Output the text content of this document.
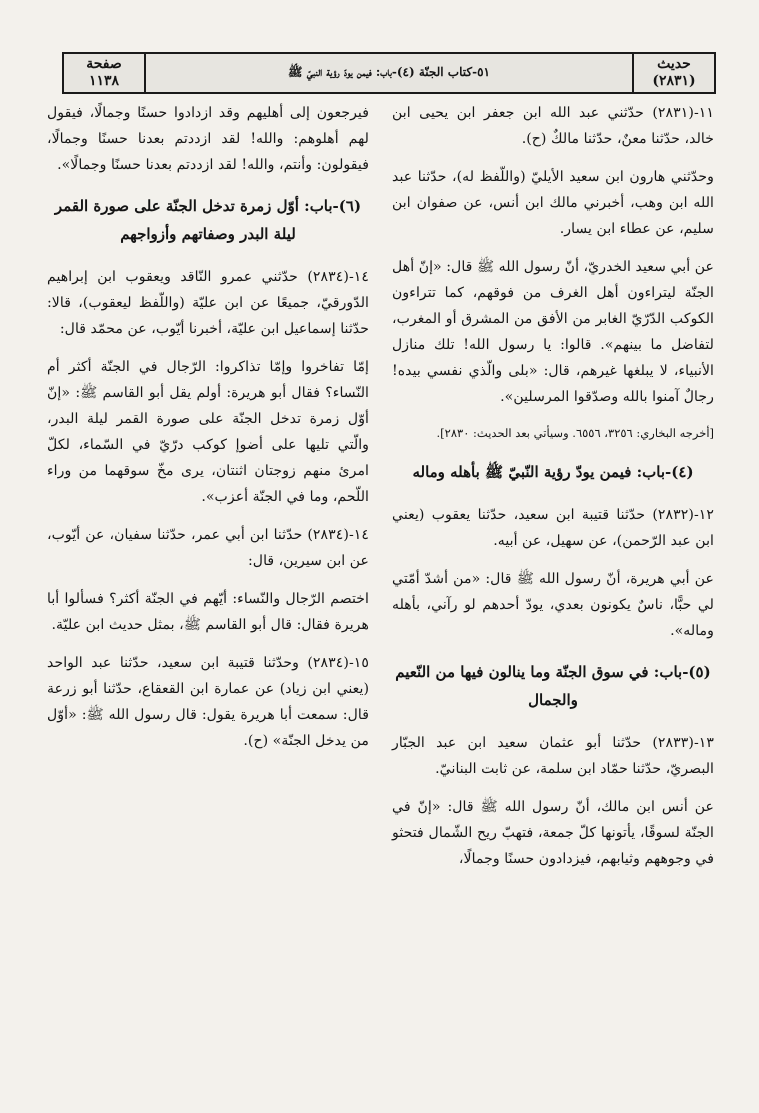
حديث
(٢٨٣١)
٥١-كتاب الجنّة (٤)-باب: فيمن يودّ رؤية النبيّ ﷺ
صفحة
١١٣٨

١١-(٢٨٣١) حدّثني عبد الله ابن جعفر ابن يحيى ابن خالد، حدّثنا معنٌ، حدّثنا مالكٌ (ح).

وحدّثني هارون ابن سعيد الأيليّ (واللّفظ له)، حدّثنا عبد الله ابن وهب، أخبرني مالك ابن أنس، عن صفوان ابن سليم، عن عطاء ابن يسار.

عن أبي سعيد الخدريّ، أنّ رسول الله ﷺ قال: «إنّ أهل الجنّة ليتراءون أهل الغرف من فوقهم، كما تتراءون الكوكب الدّرّيّ الغابر من الأفق من المشرق أو المغرب، لتفاضل ما بينهم». قالوا: يا رسول الله! تلك منازل الأنبياء، لا يبلغها غيرهم، قال: «بلى والّذي نفسي بيده! رجالٌ آمنوا بالله وصدّقوا المرسلين».

[أخرجه البخاري: ٣٢٥٦، ٦٥٥٦. وسيأتي بعد الحديث: ٢٨٣٠].

(٤)-باب: فيمن يودّ رؤية النّبيّ ﷺ بأهله وماله

١٢-(٢٨٣٢) حدّثنا قتيبة ابن سعيد، حدّثنا يعقوب (يعني ابن عبد الرّحمن)، عن سهيل، عن أبيه.

عن أبي هريرة، أنّ رسول الله ﷺ قال: «من أشدّ أمّتي لي حبًّا، ناسٌ يكونون بعدي، يودّ أحدهم لو رآني، بأهله وماله».

(٥)-باب: في سوق الجنّة وما ينالون فيها من النّعيم والجمال

١٣-(٢٨٣٣) حدّثنا أبو عثمان سعيد ابن عبد الجبّار البصريّ، حدّثنا حمّاد ابن سلمة، عن ثابت البنانيّ.

عن أنس ابن مالك، أنّ رسول الله ﷺ قال: «إنّ في الجنّة لسوقًا، يأتونها كلّ جمعة، فتهبّ ريح الشّمال فتحثو في وجوههم وثيابهم، فيزدادون حسنًا وجمالًا،

فيرجعون إلى أهليهم وقد ازدادوا حسنًا وجمالًا، فيقول لهم أهلوهم: والله! لقد ازددتم بعدنا حسنًا وجمالًا، فيقولون: وأنتم، والله! لقد ازددتم بعدنا حسنًا وجمالًا».

(٦)-باب: أوّل زمرة تدخل الجنّة على صورة القمر ليلة البدر وصفاتهم وأزواجهم

١٤-(٢٨٣٤) حدّثني عمرو النّاقد ويعقوب ابن إبراهيم الدّورقيّ، جميعًا عن ابن عليّة (واللّفظ ليعقوب)، قالا: حدّثنا إسماعيل ابن عليّة، أخبرنا أيّوب، عن محمّد قال:

إمّا تفاخروا وإمّا تذاكروا: الرّجال في الجنّة أكثر أم النّساء؟ فقال أبو هريرة: أولم يقل أبو القاسم ﷺ: «إنّ أوّل زمرة تدخل الجنّة على صورة القمر ليلة البدر، والّتي تليها على أضوإ كوكب درّيّ في السّماء، لكلّ امرئ منهم زوجتان اثنتان، يرى مخّ سوقهما من وراء اللّحم، وما في الجنّة أعزب».

١٤-(٢٨٣٤) حدّثنا ابن أبي عمر، حدّثنا سفيان، عن أيّوب، عن ابن سيرين، قال:

اختصم الرّجال والنّساء: أيّهم في الجنّة أكثر؟ فسألوا أبا هريرة فقال: قال أبو القاسم ﷺ، بمثل حديث ابن عليّة.

١٥-(٢٨٣٤) وحدّثنا قتيبة ابن سعيد، حدّثنا عبد الواحد (يعني ابن زياد) عن عمارة ابن القعقاع، حدّثنا أبو زرعة قال: سمعت أبا هريرة يقول: قال رسول الله ﷺ: «أوّل من يدخل الجنّة» (ح).
